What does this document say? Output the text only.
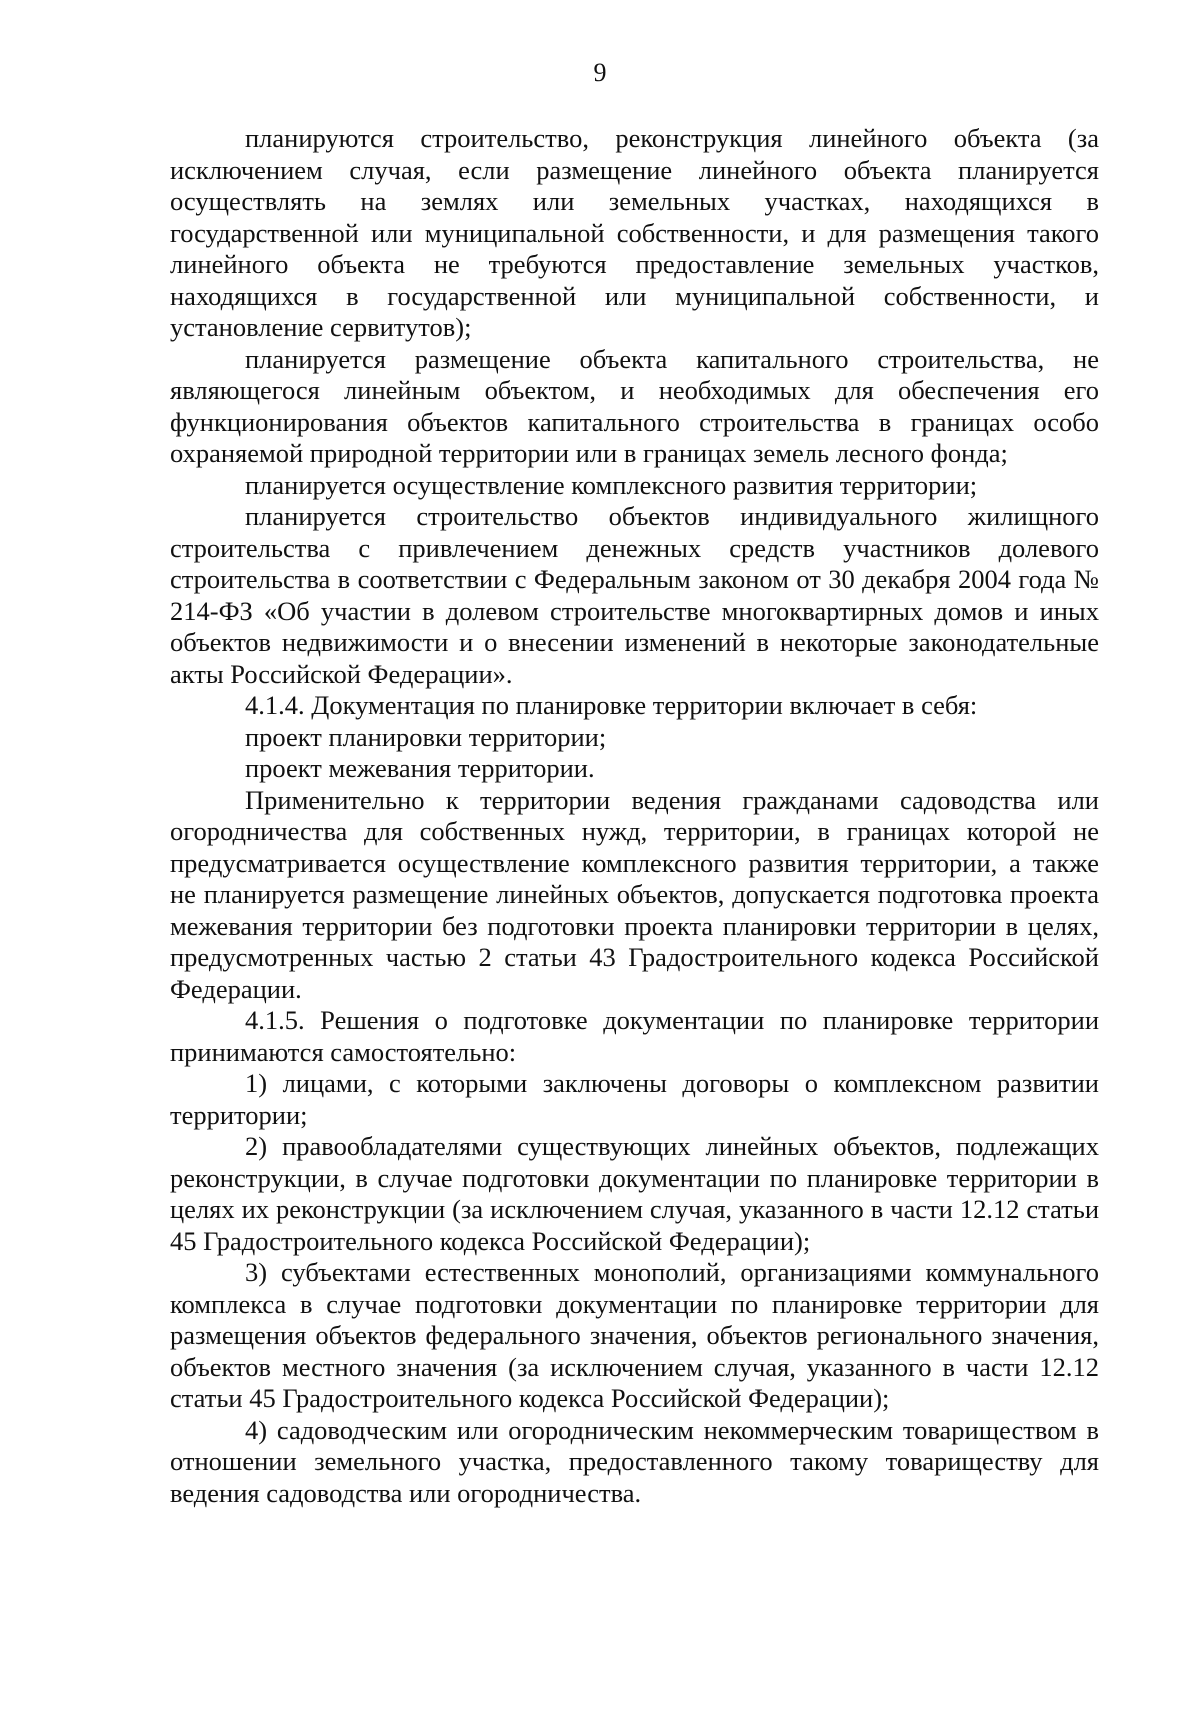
9

планируются строительство, реконструкция линейного объекта (за исключением случая, если размещение линейного объекта планируется осуществлять на землях или земельных участках, находящихся в государственной или муниципальной собственности, и для размещения такого линейного объекта не требуются предоставление земельных участков, находящихся в государственной или муниципальной собственности, и установление сервитутов);

планируется размещение объекта капитального строительства, не являющегося линейным объектом, и необходимых для обеспечения его функционирования объектов капитального строительства в границах особо охраняемой природной территории или в границах земель лесного фонда;

планируется осуществление комплексного развития территории;

планируется строительство объектов индивидуального жилищного строительства с привлечением денежных средств участников долевого строительства в соответствии с Федеральным законом от 30 декабря 2004 года № 214-ФЗ «Об участии в долевом строительстве многоквартирных домов и иных объектов недвижимости и о внесении изменений в некоторые законодательные акты Российской Федерации».

4.1.4. Документация по планировке территории включает в себя:

проект планировки территории;

проект межевания территории.

Применительно к территории ведения гражданами садоводства или огородничества для собственных нужд, территории, в границах которой не предусматривается осуществление комплексного развития территории, а также не планируется размещение линейных объектов, допускается подготовка проекта межевания территории без подготовки проекта планировки территории в целях, предусмотренных частью 2 статьи 43 Градостроительного кодекса Российской Федерации.

4.1.5. Решения о подготовке документации по планировке территории принимаются самостоятельно:

1) лицами, с которыми заключены договоры о комплексном развитии территории;

2) правообладателями существующих линейных объектов, подлежащих реконструкции, в случае подготовки документации по планировке территории в целях их реконструкции (за исключением случая, указанного в части 12.12 статьи 45 Градостроительного кодекса Российской Федерации);

3) субъектами естественных монополий, организациями коммунального комплекса в случае подготовки документации по планировке территории для размещения объектов федерального значения, объектов регионального значения, объектов местного значения (за исключением случая, указанного в части 12.12 статьи 45 Градостроительного кодекса Российской Федерации);

4) садоводческим или огородническим некоммерческим товариществом в отношении земельного участка, предоставленного такому товариществу для ведения садоводства или огородничества.
